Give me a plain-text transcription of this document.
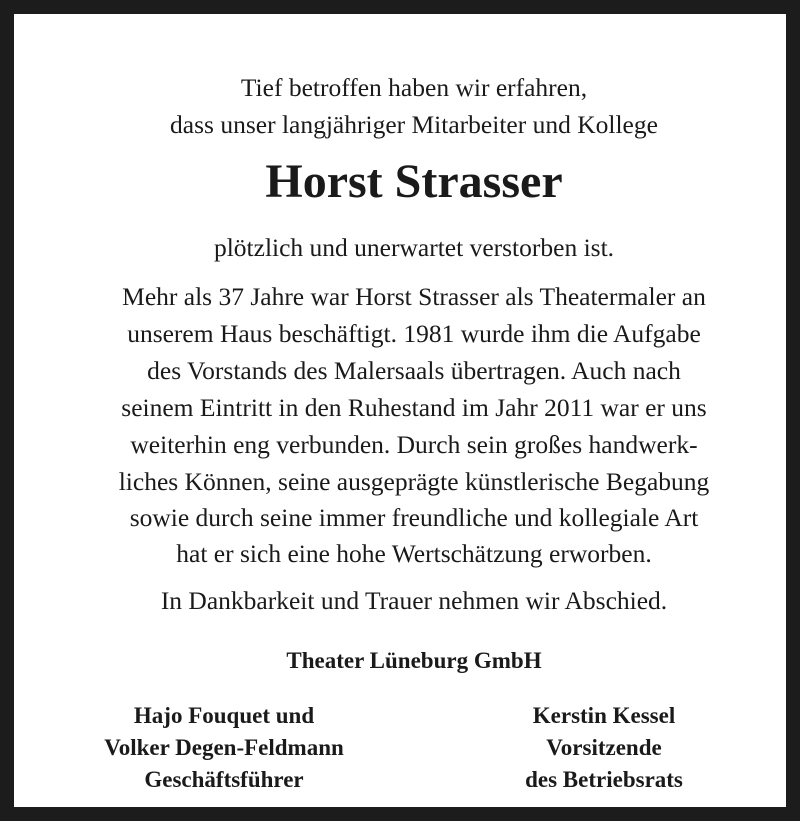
Tief betroffen haben wir erfahren,

dass unser langjähriger Mitarbeiter und Kollege

Horst Strasser

plötzlich und unerwartet verstorben ist.

Mehr als 37 Jahre war Horst Strasser als Theatermaler an

unserem Haus beschäftigt. 1981 wurde ihm die Aufgabe

des Vorstands des Malersaals übertragen. Auch nach

seinem Eintritt in den Ruhestand im Jahr 2011 war er uns

weiterhin eng verbunden. Durch sein großes handwerk-

liches Können, seine ausgeprägte künstlerische Begabung

sowie durch seine immer freundliche und kollegiale Art

hat er sich eine hohe Wertschätzung erworben.

In Dankbarkeit und Trauer nehmen wir Abschied.

Theater Lüneburg GmbH

Hajo Fouquet und
Volker Degen-Feldmann
Geschäftsführer
Kerstin Kessel
Vorsitzende
des Betriebsrats
